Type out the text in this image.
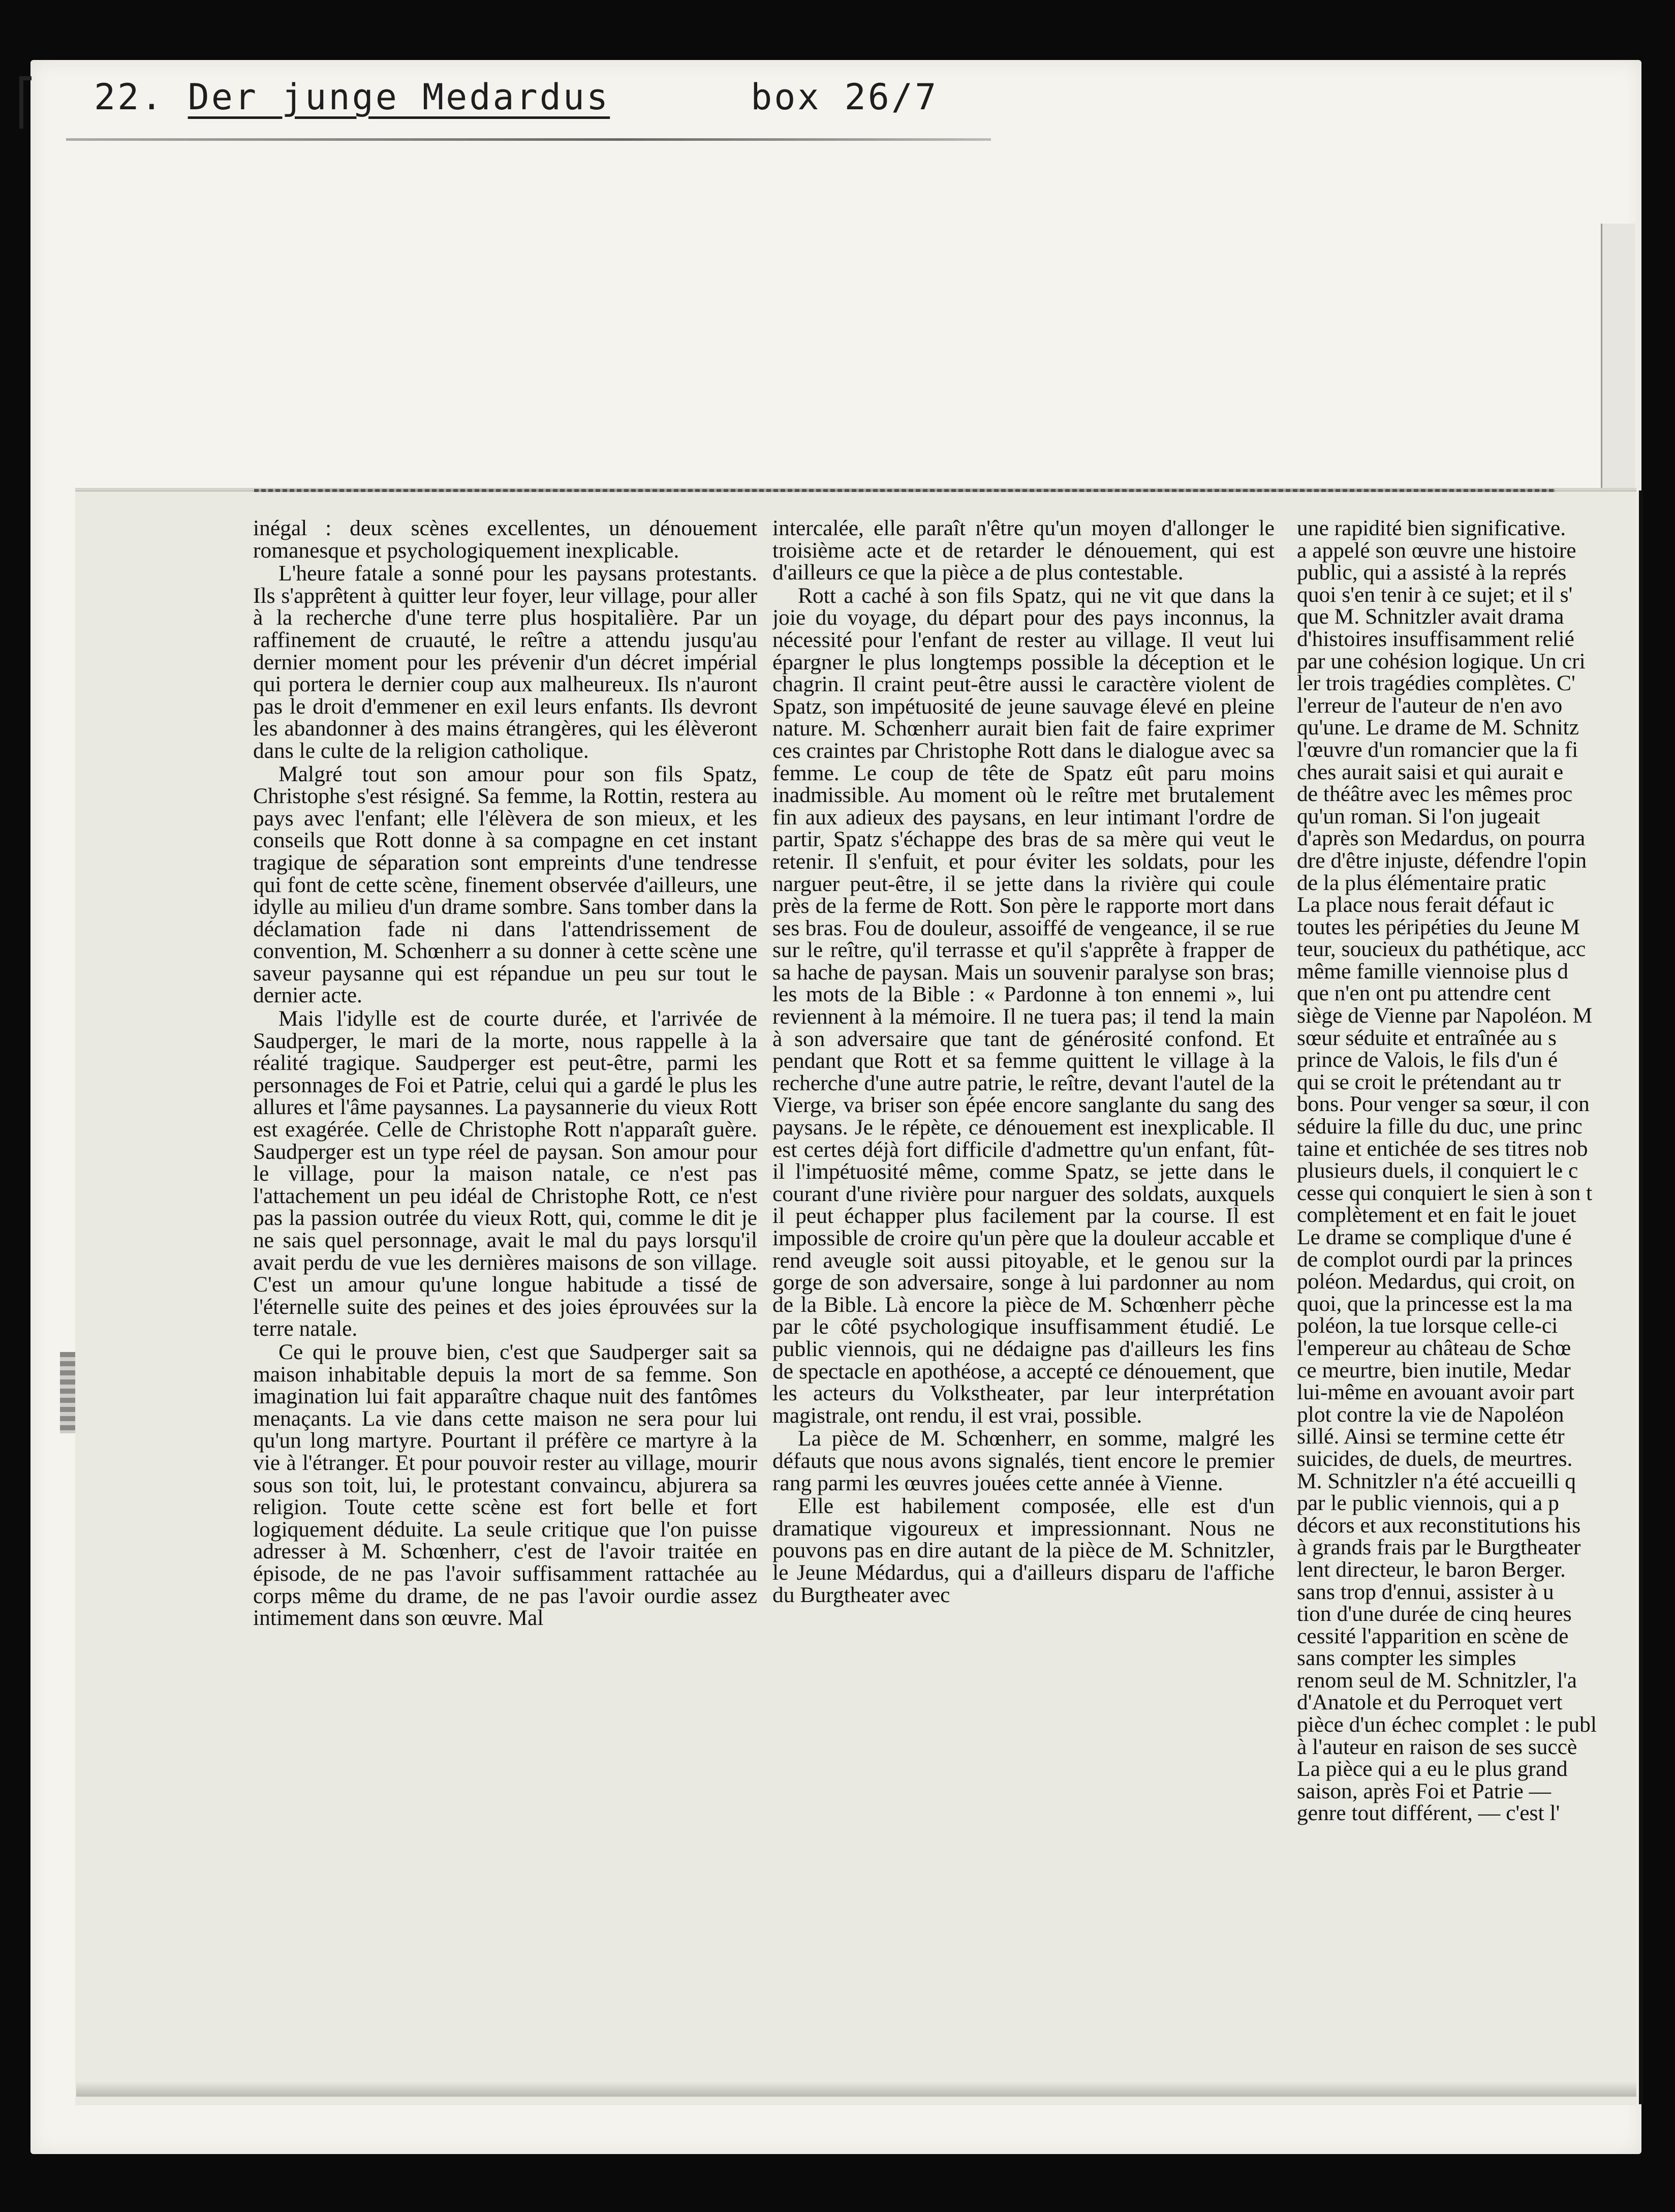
22. Der junge Medardus	box 26/7

inégal : deux scènes excellentes, un dénouement romanesque et psychologiquement inexplicable.

L'heure fatale a sonné pour les paysans protestants. Ils s'apprêtent à quitter leur foyer, leur village, pour aller à la recherche d'une terre plus hospitalière. Par un raffinement de cruauté, le reître a attendu jusqu'au dernier moment pour les prévenir d'un décret impérial qui portera le dernier coup aux malheureux. Ils n'auront pas le droit d'emmener en exil leurs enfants. Ils devront les abandonner à des mains étrangères, qui les élèveront dans le culte de la religion catholique.

Malgré tout son amour pour son fils Spatz, Christophe s'est résigné. Sa femme, la Rottin, restera au pays avec l'enfant; elle l'élèvera de son mieux, et les conseils que Rott donne à sa compagne en cet instant tragique de séparation sont empreints d'une tendresse qui font de cette scène, finement observée d'ailleurs, une idylle au milieu d'un drame sombre. Sans tomber dans la déclamation fade ni dans l'attendrissement de convention, M. Schœnherr a su donner à cette scène une saveur paysanne qui est répandue un peu sur tout le dernier acte.

Mais l'idylle est de courte durée, et l'arrivée de Saudperger, le mari de la morte, nous rappelle à la réalité tragique. Saudperger est peut-être, parmi les personnages de Foi et Patrie, celui qui a gardé le plus les allures et l'âme paysannes. La paysannerie du vieux Rott est exagérée. Celle de Christophe Rott n'apparaît guère. Saudperger est un type réel de paysan. Son amour pour le village, pour la maison natale, ce n'est pas l'attachement un peu idéal de Christophe Rott, ce n'est pas la passion outrée du vieux Rott, qui, comme le dit je ne sais quel personnage, avait le mal du pays lorsqu'il avait perdu de vue les dernières maisons de son village. C'est un amour qu'une longue habitude a tissé de l'éternelle suite des peines et des joies éprouvées sur la terre natale.

Ce qui le prouve bien, c'est que Saudperger sait sa maison inhabitable depuis la mort de sa femme. Son imagination lui fait apparaître chaque nuit des fantômes menaçants. La vie dans cette maison ne sera pour lui qu'un long martyre. Pourtant il préfère ce martyre à la vie à l'étranger. Et pour pouvoir rester au village, mourir sous son toit, lui, le protestant convaincu, abjurera sa religion. Toute cette scène est fort belle et fort logiquement déduite. La seule critique que l'on puisse adresser à M. Schœnherr, c'est de l'avoir traitée en épisode, de ne pas l'avoir suffisamment rattachée au corps même du drame, de ne pas l'avoir ourdie assez intimement dans son œuvre. Mal

intercalée, elle paraît n'être qu'un moyen d'allonger le troisième acte et de retarder le dénouement, qui est d'ailleurs ce que la pièce a de plus contestable.

Rott a caché à son fils Spatz, qui ne vit que dans la joie du voyage, du départ pour des pays inconnus, la nécessité pour l'enfant de rester au village. Il veut lui épargner le plus longtemps possible la déception et le chagrin. Il craint peut-être aussi le caractère violent de Spatz, son impétuosité de jeune sauvage élevé en pleine nature. M. Schœnherr aurait bien fait de faire exprimer ces craintes par Christophe Rott dans le dialogue avec sa femme. Le coup de tête de Spatz eût paru moins inadmissible. Au moment où le reître met brutalement fin aux adieux des paysans, en leur intimant l'ordre de partir, Spatz s'échappe des bras de sa mère qui veut le retenir. Il s'enfuit, et pour éviter les soldats, pour les narguer peut-être, il se jette dans la rivière qui coule près de la ferme de Rott. Son père le rapporte mort dans ses bras. Fou de douleur, assoiffé de vengeance, il se rue sur le reître, qu'il terrasse et qu'il s'apprête à frapper de sa hache de paysan. Mais un souvenir paralyse son bras; les mots de la Bible : « Pardonne à ton ennemi », lui reviennent à la mémoire. Il ne tuera pas; il tend la main à son adversaire que tant de générosité confond. Et pendant que Rott et sa femme quittent le village à la recherche d'une autre patrie, le reître, devant l'autel de la Vierge, va briser son épée encore sanglante du sang des paysans. Je le répète, ce dénouement est inexplicable. Il est certes déjà fort difficile d'admettre qu'un enfant, fût-il l'impétuosité même, comme Spatz, se jette dans le courant d'une rivière pour narguer des soldats, auxquels il peut échapper plus facilement par la course. Il est impossible de croire qu'un père que la douleur accable et rend aveugle soit aussi pitoyable, et le genou sur la gorge de son adversaire, songe à lui pardonner au nom de la Bible. Là encore la pièce de M. Schœnherr pèche par le côté psychologique insuffisamment étudié. Le public viennois, qui ne dédaigne pas d'ailleurs les fins de spectacle en apothéose, a accepté ce dénouement, que les acteurs du Volkstheater, par leur interprétation magistrale, ont rendu, il est vrai, possible.

La pièce de M. Schœnherr, en somme, malgré les défauts que nous avons signalés, tient encore le premier rang parmi les œuvres jouées cette année à Vienne.

Elle est habilement composée, elle est d'un dramatique vigoureux et impressionnant. Nous ne pouvons pas en dire autant de la pièce de M. Schnitzler, le Jeune Médardus, qui a d'ailleurs disparu de l'affiche du Burgtheater avec

une rapidité bien significative.
a appelé son œuvre une histoire
public, qui a assisté à la représ
quoi s'en tenir à ce sujet; et il s'
que M. Schnitzler avait drama
d'histoires insuffisamment relié
par une cohésion logique. Un cri
ler trois tragédies complètes. C'
l'erreur de l'auteur de n'en avo
qu'une. Le drame de M. Schnitz
l'œuvre d'un romancier que la fi
ches aurait saisi et qui aurait e
de théâtre avec les mêmes proc
qu'un roman. Si l'on jugeait
d'après son Medardus, on pourra
dre d'être injuste, défendre l'opin
de la plus élémentaire pratic
La place nous ferait défaut ic
toutes les péripéties du Jeune M
teur, soucieux du pathétique, acc
même famille viennoise plus d
que n'en ont pu attendre cent
siège de Vienne par Napoléon. M
sœur séduite et entraînée au s
prince de Valois, le fils d'un é
qui se croit le prétendant au tr
bons. Pour venger sa sœur, il con
séduire la fille du duc, une princ
taine et entichée de ses titres nob
plusieurs duels, il conquiert le c
cesse qui conquiert le sien à son t
complètement et en fait le jouet
Le drame se complique d'une é
de complot ourdi par la princes
poléon. Medardus, qui croit, on
quoi, que la princesse est la ma
poléon, la tue lorsque celle-ci
l'empereur au château de Schœ
ce meurtre, bien inutile, Medar
lui-même en avouant avoir part
plot contre la vie de Napoléon
sillé. Ainsi se termine cette étr
suicides, de duels, de meurtres.
M. Schnitzler n'a été accueilli q
par le public viennois, qui a p
décors et aux reconstitutions his
à grands frais par le Burgtheater
lent directeur, le baron Berger.
sans trop d'ennui, assister à u
tion d'une durée de cinq heures
cessité l'apparition en scène de
sans compter les simples
renom seul de M. Schnitzler, l'a
d'Anatole et du Perroquet vert
pièce d'un échec complet : le publ
à l'auteur en raison de ses succè
La pièce qui a eu le plus grand
saison, après Foi et Patrie —
genre tout différent, — c'est l'
